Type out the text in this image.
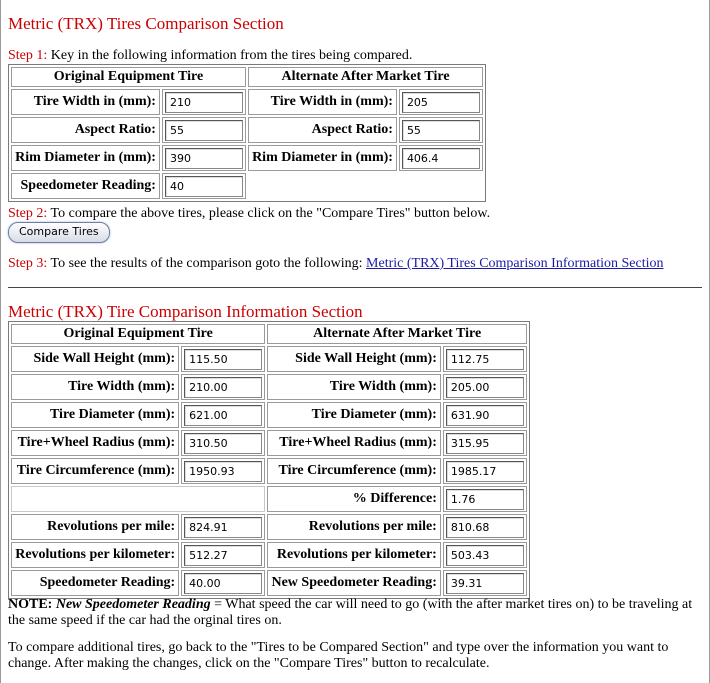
Metric (TRX) Tires Comparison Section

Step 1: Key in the following information from the tires being compared.

Original Equipment Tire		Alternate After Market Tire	
Tire Width in (mm):	210	Tire Width in (mm):	205

Aspect Ratio:	55	Aspect Ratio:	55

Rim Diameter in (mm):	390	Rim Diameter in (mm):	406.4

Speedometer Reading:	40		

Step 2: To compare the above tires, please click on the "Compare Tires" button below.

Compare Tires

Step 3: To see the results of the comparison goto the following: Metric (TRX) Tires Comparison Information Section

Metric (TRX) Tire Comparison Information Section
Original Equipment Tire		Alternate After Market Tire	
Side Wall Height (mm):	115.50	Side Wall Height (mm):	112.75

Tire Width (mm):	210.00	Tire Width (mm):	205.00

Tire Diameter (mm):	621.00	Tire Diameter (mm):	631.90

Tire+Wheel Radius (mm):	310.50	Tire+Wheel Radius (mm):	315.95

Tire Circumference (mm):	1950.93	Tire Circumference (mm):	1985.17

		% Difference:	1.76

Revolutions per mile:	824.91	Revolutions per mile:	810.68

Revolutions per kilometer:	512.27	Revolutions per kilometer:	503.43

Speedometer Reading:	40.00	New Speedometer Reading:	39.31

NOTE: New Speedometer Reading = What speed the car will need to go (with the after market tires on) to be traveling at the same speed if the car had the orginal tires on.

To compare additional tires, go back to the "Tires to be Compared Section" and type over the information you want to change. After making the changes, click on the "Compare Tires" button to recalculate.
